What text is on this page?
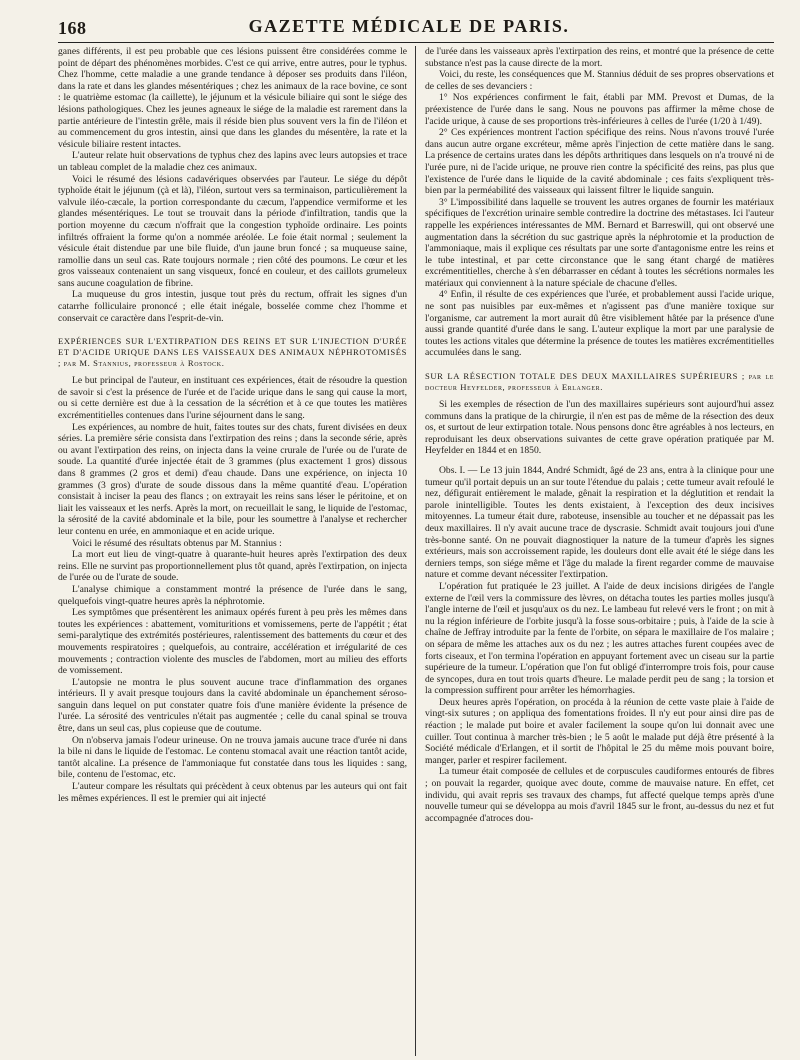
168	GAZETTE MÉDICALE DE PARIS.

ganes différents, il est peu probable que ces lésions puissent être considérées comme le point de départ des phénomènes morbides. C'est ce qui arrive, entre autres, pour le typhus. Chez l'homme, cette maladie a une grande tendance à déposer ses produits dans l'iléon, dans la rate et dans les glandes mésentériques ; chez les animaux de la race bovine, ce sont : le quatrième estomac (la caillette), le jéjunum et la vésicule biliaire qui sont le siége des lésions pathologiques. Chez les jeunes agneaux le siége de la maladie est rarement dans la partie antérieure de l'intestin grêle, mais il réside bien plus souvent vers la fin de l'iléon et au commencement du gros intestin, ainsi que dans les glandes du mésentère, la rate et la vésicule biliaire restent intactes.

L'auteur relate huit observations de typhus chez des lapins avec leurs autopsies et trace un tableau complet de la maladie chez ces animaux.

Voici le résumé des lésions cadavériques observées par l'auteur. Le siége du dépôt typhoïde était le jéjunum (çà et là), l'iléon, surtout vers sa terminaison, particulièrement la valvule iléo-cæcale, la portion correspondante du cæcum, l'appendice vermiforme et les glandes mésentériques. Le tout se trouvait dans la période d'infiltration, tandis que la portion moyenne du cæcum n'offrait que la congestion typhoïde ordinaire. Les points infiltrés offraient la forme qu'on a nommée aréolée. Le foie était normal ; seulement la vésicule était distendue par une bile fluide, d'un jaune brun foncé ; sa muqueuse saine, ramollie dans un seul cas. Rate toujours normale ; rien côté des poumons. Le cœur et les gros vaisseaux contenaient un sang visqueux, foncé en couleur, et des caillots grumeleux sans aucune coagulation de fibrine.

La muqueuse du gros intestin, jusque tout près du rectum, offrait les signes d'un catarrhe folliculaire prononcé ; elle était inégale, bosselée comme chez l'homme et conservait ce caractère dans l'esprit-de-vin.

EXPÉRIENCES SUR L'EXTIRPATION DES REINS ET SUR L'INJECTION D'URÉE ET D'ACIDE URIQUE DANS LES VAISSEAUX DES ANIMAUX NÉPHROTOMISÉS ; par M. Stannius, professeur à Rostock.

Le but principal de l'auteur, en instituant ces expériences, était de résoudre la question de savoir si c'est la présence de l'urée et de l'acide urique dans le sang qui cause la mort, ou si cette dernière est due à la cessation de la sécrétion et à ce que toutes les matières excrémentitielles contenues dans l'urine séjournent dans le sang.

Les expériences, au nombre de huit, faites toutes sur des chats, furent divisées en deux séries. La première série consista dans l'extirpation des reins ; dans la seconde série, après ou avant l'extirpation des reins, on injecta dans la veine crurale de l'urée ou de l'urate de soude. La quantité d'urée injectée était de 3 grammes (plus exactement 1 gros) dissous dans 8 grammes (2 gros et demi) d'eau chaude. Dans une expérience, on injecta 10 grammes (3 gros) d'urate de soude dissous dans la même quantité d'eau. L'opération consistait à inciser la peau des flancs ; on extrayait les reins sans léser le péritoine, et on liait les vaisseaux et les nerfs. Après la mort, on recueillait le sang, le liquide de l'estomac, la sérosité de la cavité abdominale et la bile, pour les soumettre à l'analyse et rechercher leur contenu en urée, en ammoniaque et en acide urique.

Voici le résumé des résultats obtenus par M. Stannius :

La mort eut lieu de vingt-quatre à quarante-huit heures après l'extirpation des deux reins. Elle ne survint pas proportionnellement plus tôt quand, après l'extirpation, on injecta de l'urée ou de l'urate de soude.

L'analyse chimique a constamment montré la présence de l'urée dans le sang, quelquefois vingt-quatre heures après la néphrotomie.

Les symptômes que présentèrent les animaux opérés furent à peu près les mêmes dans toutes les expériences : abattement, vomituritions et vomissemens, perte de l'appétit ; état semi-paralytique des extrémités postérieures, ralentissement des battements du cœur et des mouvements respiratoires ; quelquefois, au contraire, accélération et irrégularité de ces mouvements ; contraction violente des muscles de l'abdomen, mort au milieu des efforts de vomissement.

L'autopsie ne montra le plus souvent aucune trace d'inflammation des organes intérieurs. Il y avait presque toujours dans la cavité abdominale un épanchement séroso-sanguin dans lequel on put constater quatre fois d'une manière évidente la présence de l'urée. La sérosité des ventricules n'était pas augmentée ; celle du canal spinal se trouva être, dans un seul cas, plus copieuse que de coutume.

On n'observa jamais l'odeur urineuse. On ne trouva jamais aucune trace d'urée ni dans la bile ni dans le liquide de l'estomac. Le contenu stomacal avait une réaction tantôt acide, tantôt alcaline. La présence de l'ammoniaque fut constatée dans tous les liquides : sang, bile, contenu de l'estomac, etc.

L'auteur compare les résultats qui précèdent à ceux obtenus par les auteurs qui ont fait les mêmes expériences. Il est le premier qui ait injecté

de l'urée dans les vaisseaux après l'extirpation des reins, et montré que la présence de cette substance n'est pas la cause directe de la mort.

Voici, du reste, les conséquences que M. Stannius déduit de ses propres observations et de celles de ses devanciers :

1° Nos expériences confirment le fait, établi par MM. Prevost et Dumas, de la préexistence de l'urée dans le sang. Nous ne pouvons pas affirmer la même chose de l'acide urique, à cause de ses proportions très-inférieures à celles de l'urée (1/20 à 1/49).

2° Ces expériences montrent l'action spécifique des reins. Nous n'avons trouvé l'urée dans aucun autre organe excréteur, même après l'injection de cette matière dans le sang. La présence de certains urates dans les dépôts arthritiques dans lesquels on n'a trouvé ni de l'urée pure, ni de l'acide urique, ne prouve rien contre la spécificité des reins, pas plus que l'existence de l'urée dans le liquide de la cavité abdominale ; ces faits s'expliquent très-bien par la perméabilité des vaisseaux qui laissent filtrer le liquide sanguin.

3° L'impossibilité dans laquelle se trouvent les autres organes de fournir les matériaux spécifiques de l'excrétion urinaire semble contredire la doctrine des métastases. Ici l'auteur rappelle les expériences intéressantes de MM. Bernard et Barreswill, qui ont observé une augmentation dans la sécrétion du suc gastrique après la néphrotomie et la production de l'ammoniaque, mais il explique ces résultats par une sorte d'antagonisme entre les reins et le tube intestinal, et par cette circonstance que le sang étant chargé de matières excrémentitielles, cherche à s'en débarrasser en cédant à toutes les sécrétions normales les matériaux qui conviennent à la nature spéciale de chacune d'elles.

4° Enfin, il résulte de ces expériences que l'urée, et probablement aussi l'acide urique, ne sont pas nuisibles par eux-mêmes et n'agissent pas d'une manière toxique sur l'organisme, car autrement la mort aurait dû être visiblement hâtée par la présence d'une aussi grande quantité d'urée dans le sang. L'auteur explique la mort par une paralysie de toutes les actions vitales que détermine la présence de toutes les matières excrémentitielles accumulées dans le sang.

SUR LA RÉSECTION TOTALE DES DEUX MAXILLAIRES SUPÉRIEURS ; par le docteur Heyfelder, professeur à Erlanger.

Si les exemples de résection de l'un des maxillaires supérieurs sont aujourd'hui assez communs dans la pratique de la chirurgie, il n'en est pas de même de la résection des deux os, et surtout de leur extirpation totale. Nous pensons donc être agréables à nos lecteurs, en reproduisant les deux observations suivantes de cette grave opération pratiquée par M. Heyfelder en 1844 et en 1850.

Obs. I. — Le 13 juin 1844, André Schmidt, âgé de 23 ans, entra à la clinique pour une tumeur qu'il portait depuis un an sur toute l'étendue du palais ; cette tumeur avait refoulé le nez, défigurait entièrement le malade, gênait la respiration et la déglutition et rendait la parole inintelligible. Toutes les dents existaient, à l'exception des deux incisives mitoyennes. La tumeur était dure, raboteuse, insensible au toucher et ne dépassait pas les deux maxillaires. Il n'y avait aucune trace de dyscrasie. Schmidt avait toujours joui d'une très-bonne santé. On ne pouvait diagnostiquer la nature de la tumeur d'après les signes extérieurs, mais son accroissement rapide, les douleurs dont elle avait été le siége dans les derniers temps, son siége même et l'âge du malade la firent regarder comme de mauvaise nature et comme devant nécessiter l'extirpation.

L'opération fut pratiquée le 23 juillet. A l'aide de deux incisions dirigées de l'angle externe de l'œil vers la commissure des lèvres, on détacha toutes les parties molles jusqu'à l'angle interne de l'œil et jusqu'aux os du nez. Le lambeau fut relevé vers le front ; on mit à nu la région inférieure de l'orbite jusqu'à la fosse sous-orbitaire ; puis, à l'aide de la scie à chaîne de Jeffray introduite par la fente de l'orbite, on sépara le maxillaire de l'os malaire ; on sépara de même les attaches aux os du nez ; les autres attaches furent coupées avec de forts ciseaux, et l'on termina l'opération en appuyant fortement avec un ciseau sur la partie supérieure de la tumeur. L'opération que l'on fut obligé d'interrompre trois fois, pour cause de syncopes, dura en tout trois quarts d'heure. Le malade perdit peu de sang ; la torsion et la compression suffirent pour arrêter les hémorrhagies.

Deux heures après l'opération, on procéda à la réunion de cette vaste plaie à l'aide de vingt-six sutures ; on appliqua des fomentations froides. Il n'y eut pour ainsi dire pas de réaction ; le malade put boire et avaler facilement la soupe qu'on lui donnait avec une cuiller. Tout continua à marcher très-bien ; le 5 août le malade put déjà être présenté à la Société médicale d'Erlangen, et il sortit de l'hôpital le 25 du même mois pouvant boire, manger, parler et respirer facilement.

La tumeur était composée de cellules et de corpuscules caudiformes entourés de fibres ; on pouvait la regarder, quoique avec doute, comme de mauvaise nature. En effet, cet individu, qui avait repris ses travaux des champs, fut affecté quelque temps après d'une nouvelle tumeur qui se développa au mois d'avril 1845 sur le front, au-dessus du nez et fut accompagnée d'atroces dou-
